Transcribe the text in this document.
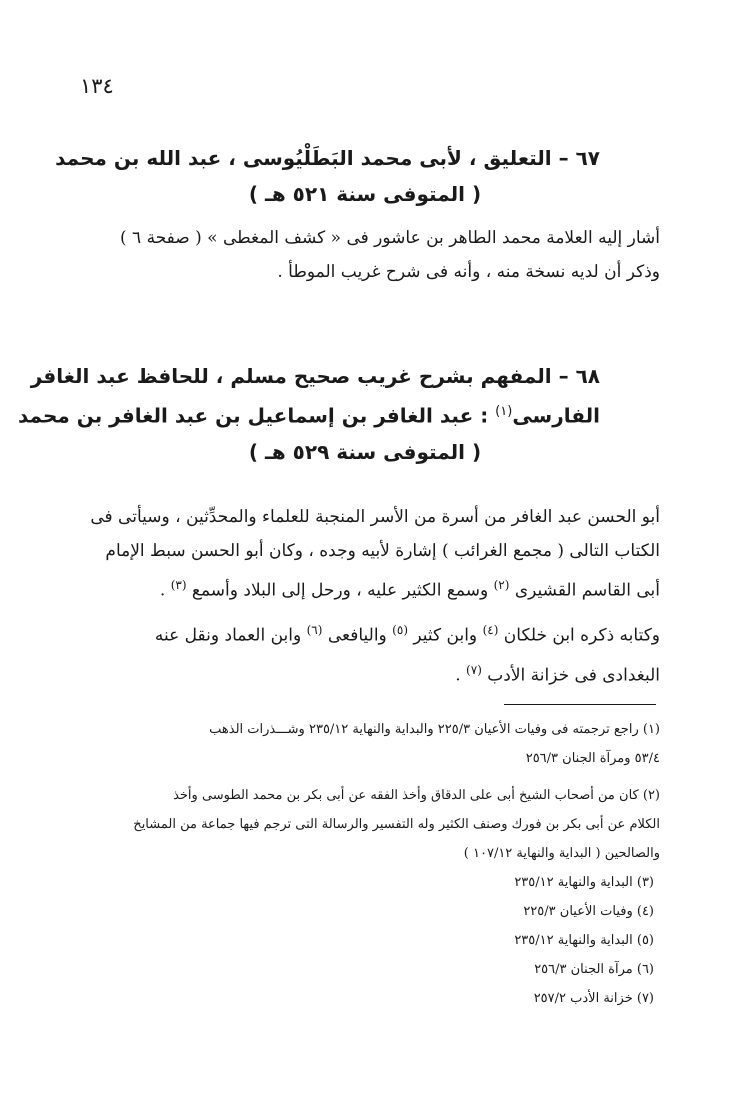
١٣٤
٦٧ – التعليق ، لأبى محمد البَطَلْيُوسى ، عبد الله بن محمد
( المتوفى سنة ٥٢١ هـ )
أشار إليه العلامة محمد الطاهر بن عاشور فى « كشف المغطى » ( صفحة ٦ )
وذكر أن لديه نسخة منه ، وأنه فى شرح غريب الموطأ .
٦٨ – المفهم بشرح غريب صحيح مسلم ، للحافظ عبد الغافر
الفارسى$^{(١)}$ : عبد الغافر بن إسماعيل بن عبد الغافر بن محمد
( المتوفى سنة ٥٢٩ هـ )
أبو الحسن عبد الغافر من أسرة من الأسر المنجبة للعلماء والمحدِّثين ، وسيأتى فى
الكتاب التالى ( مجمع الغرائب ) إشارة لأبيه وجده ، وكان أبو الحسن سبط الإمام
أبى القاسم القشيرى $^{(٢)}$ وسمع الكثير عليه ، ورحل إلى البلاد وأسمع $^{(٣)}$ .
وكتابه ذكره ابن خلكان $^{(٤)}$ وابن كثير $^{(٥)}$ واليافعى $^{(٦)}$ وابن العماد ونقل عنه
البغدادى فى خزانة الأدب $^{(٧)}$ .
(١) راجع ترجمته فى وفيات الأعيان ٢٢٥/٣ والبداية والنهاية ٢٣٥/١٢ وشـــذرات الذهب
٥٣/٤ ومرآة الجنان ٢٥٦/٣
(٢) كان من أصحاب الشيخ أبى على الدقاق وأخذ الفقه عن أبى بكر بن محمد الطوسى وأخذ
الكلام عن أبى بكر بن فورك وصنف الكثير وله التفسير والرسالة التى ترجم فيها جماعة من المشايخ
والصالحين ( البداية والنهاية ١٠٧/١٢ )
(٣) البداية والنهاية ٢٣٥/١٢
(٤) وفيات الأعيان ٢٢٥/٣
(٥) البداية والنهاية ٢٣٥/١٢
(٦) مرآة الجنان ٢٥٦/٣
(٧) خزانة الأدب ٢٥٧/٢
